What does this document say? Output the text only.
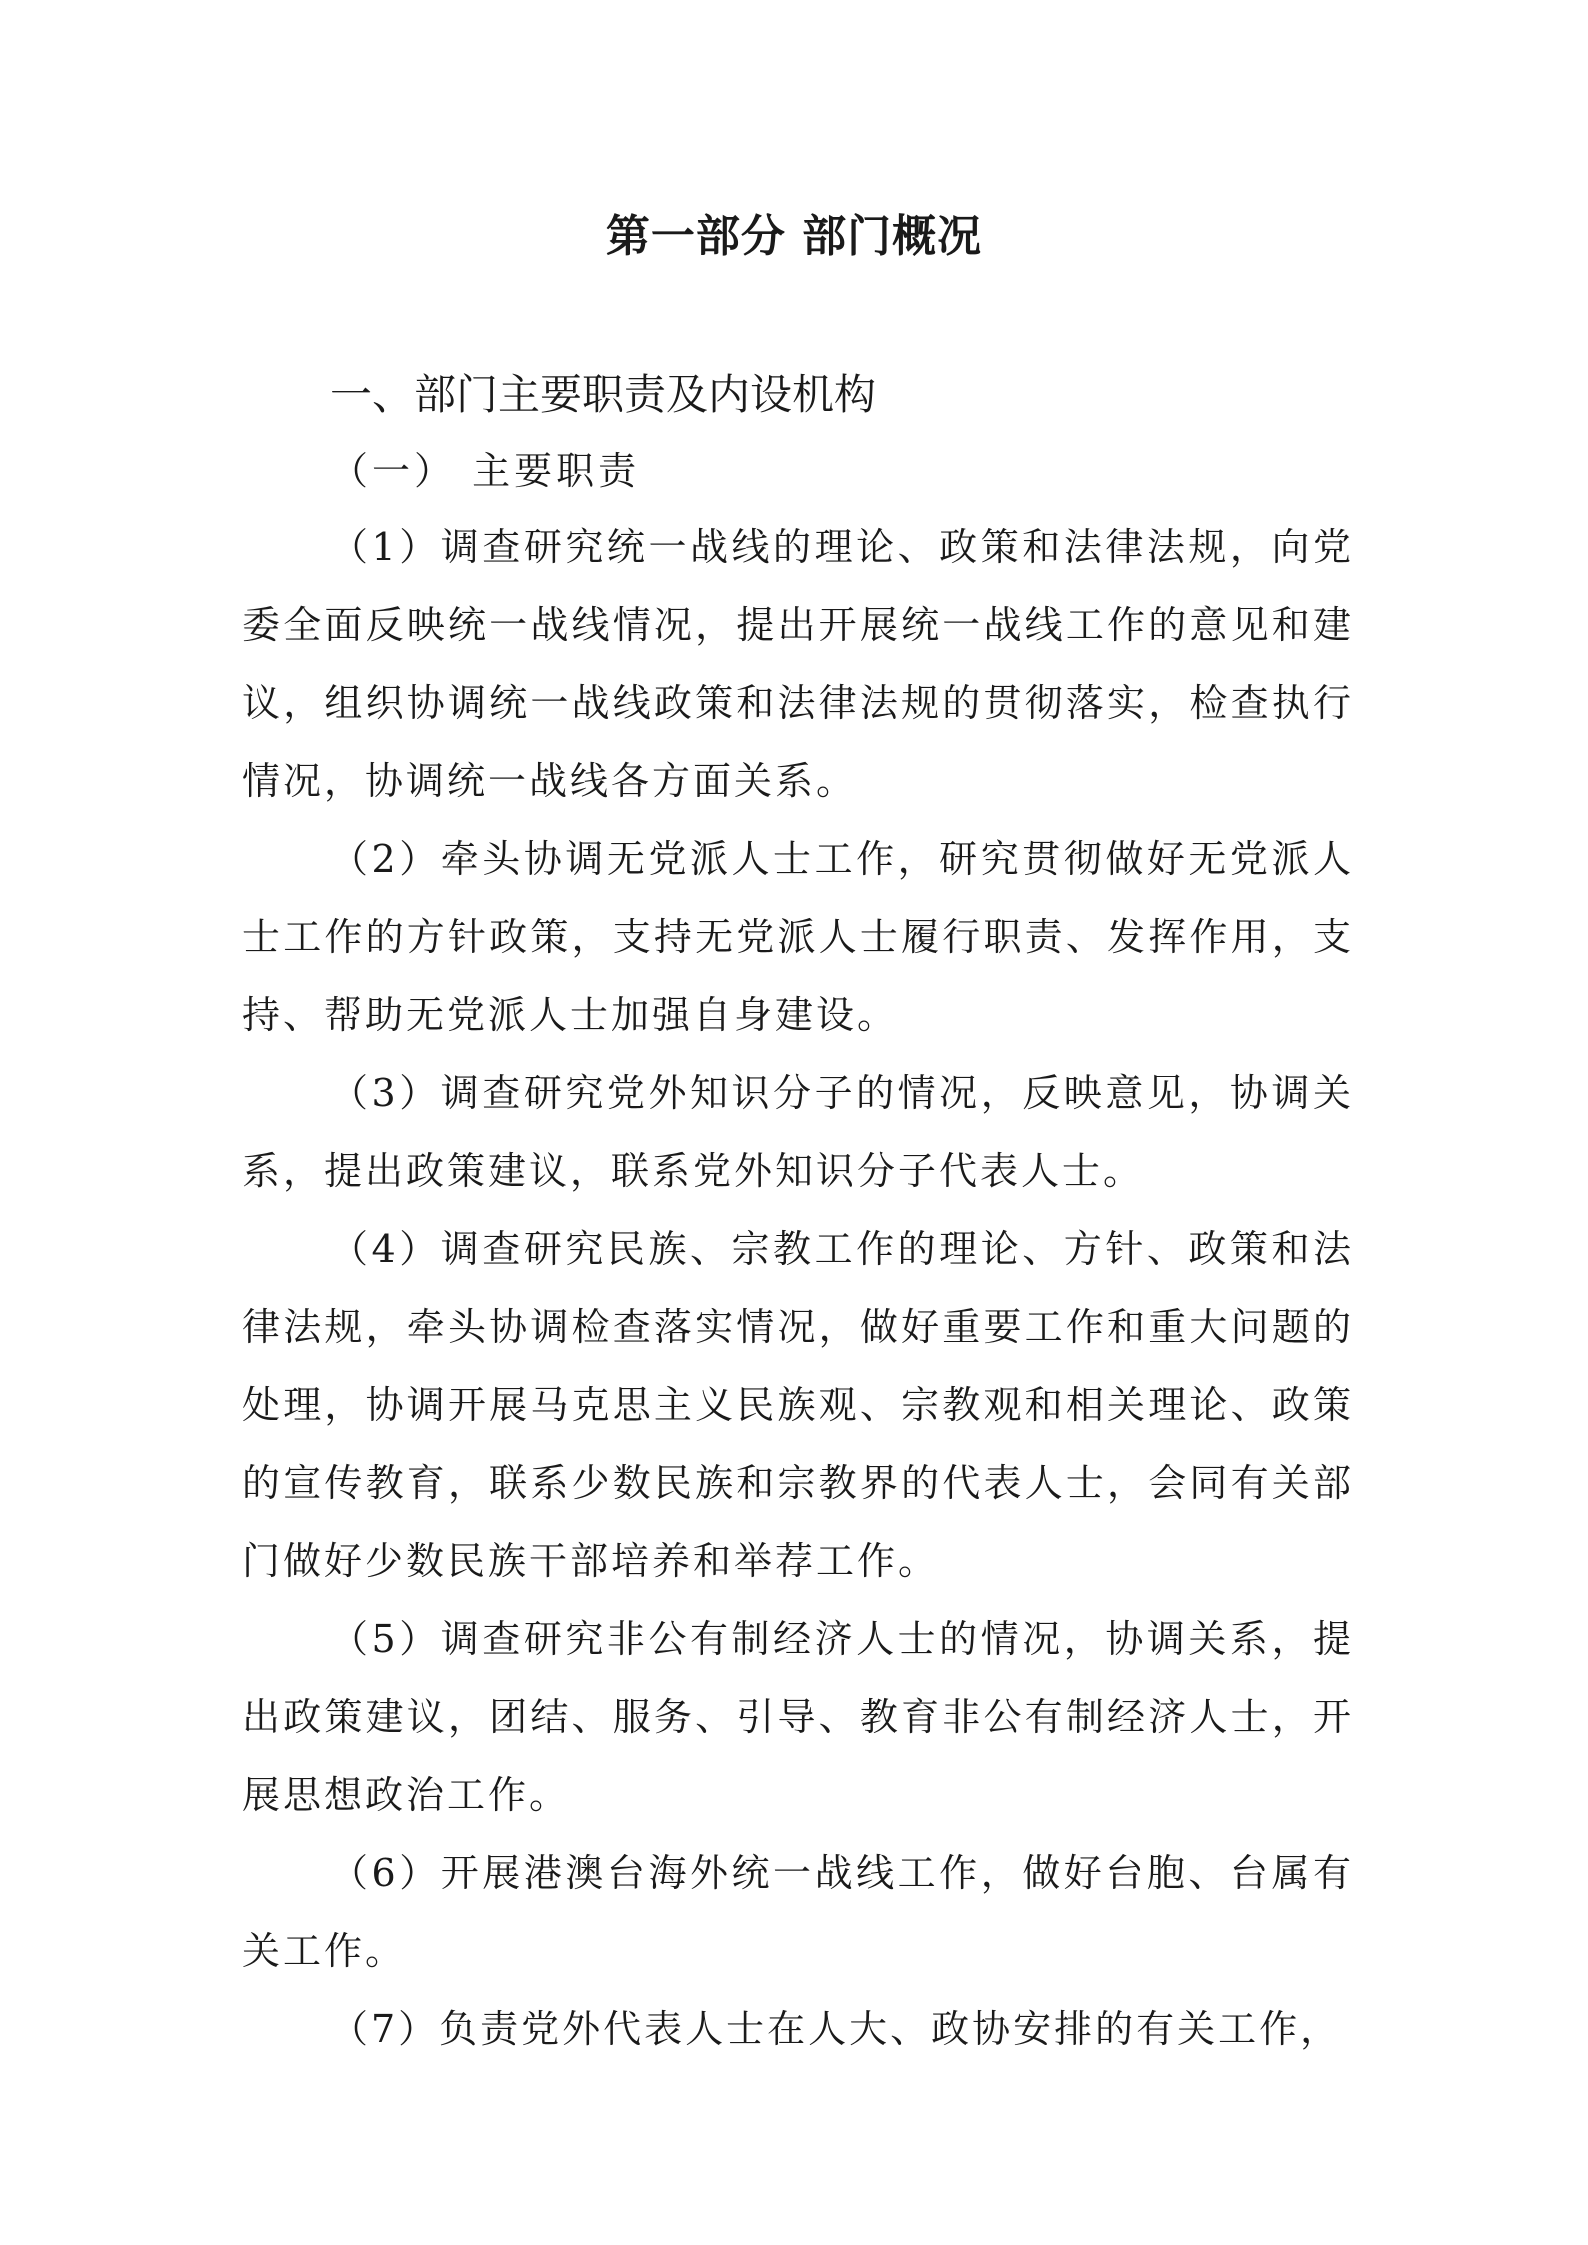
第一部分 部门概况
一、部门主要职责及内设机构
（一） 主要职责

（1）调查研究统一战线的理论、政策和法律法规，向党委全面反映统一战线情况，提出开展统一战线工作的意见和建议，组织协调统一战线政策和法律法规的贯彻落实，检查执行情况，协调统一战线各方面关系。

（2）牵头协调无党派人士工作，研究贯彻做好无党派人士工作的方针政策，支持无党派人士履行职责、发挥作用，支持、帮助无党派人士加强自身建设。

（3）调查研究党外知识分子的情况，反映意见，协调关系，提出政策建议，联系党外知识分子代表人士。

（4）调查研究民族、宗教工作的理论、方针、政策和法律法规，牵头协调检查落实情况，做好重要工作和重大问题的处理，协调开展马克思主义民族观、宗教观和相关理论、政策的宣传教育，联系少数民族和宗教界的代表人士，会同有关部门做好少数民族干部培养和举荐工作。

（5）调查研究非公有制经济人士的情况，协调关系，提出政策建议，团结、服务、引导、教育非公有制经济人士，开展思想政治工作。

（6）开展港澳台海外统一战线工作，做好台胞、台属有关工作。

（7）负责党外代表人士在人大、政协安排的有关工作，
